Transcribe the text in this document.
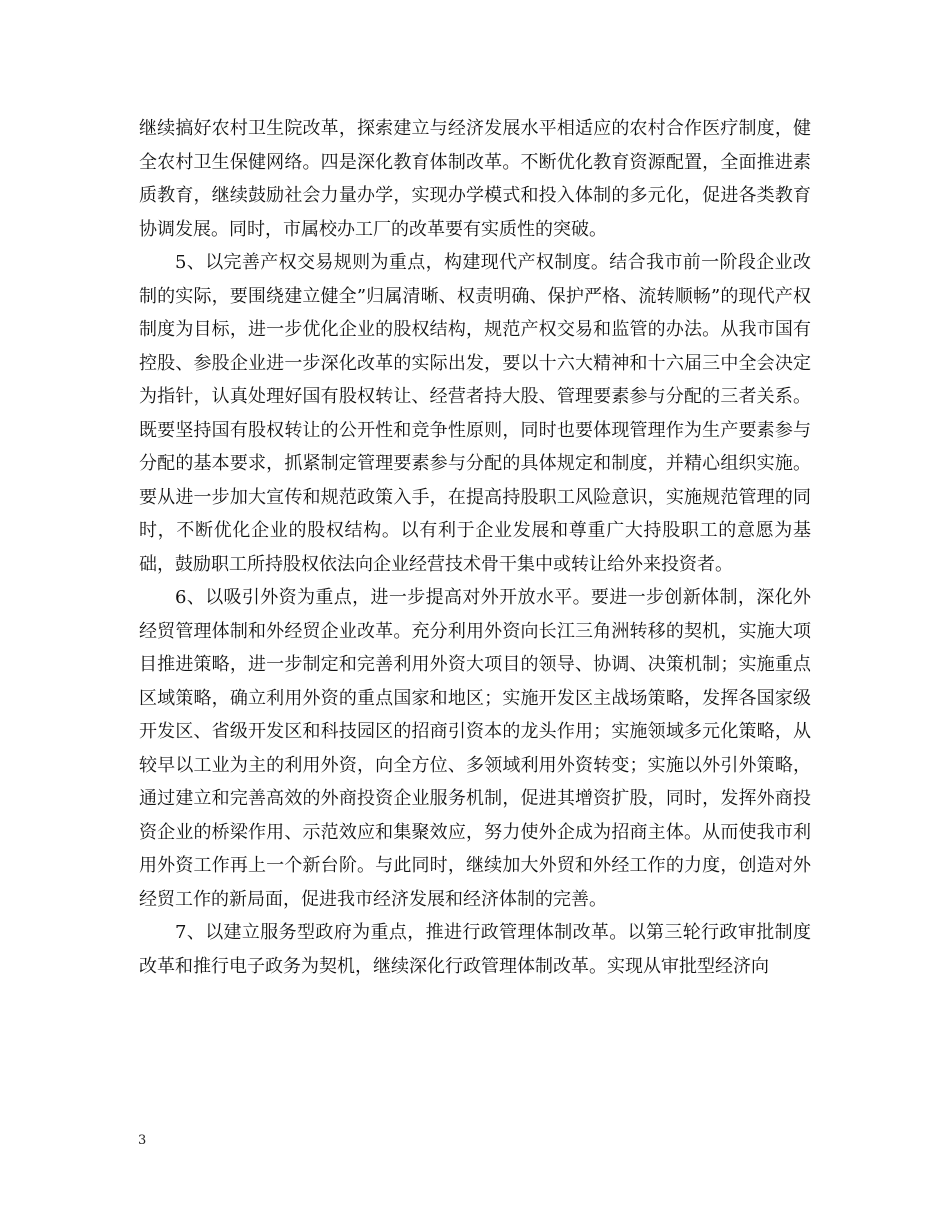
继续搞好农村卫生院改革，探索建立与经济发展水平相适应的农村合作医疗制度，健全农村卫生保健网络。四是深化教育体制改革。不断优化教育资源配置，全面推进素质教育，继续鼓励社会力量办学，实现办学模式和投入体制的多元化，促进各类教育协调发展。同时，市属校办工厂的改革要有实质性的突破。

5、以完善产权交易规则为重点，构建现代产权制度。结合我市前一阶段企业改制的实际，要围绕建立健全”归属清晰、权责明确、保护严格、流转顺畅”的现代产权制度为目标，进一步优化企业的股权结构，规范产权交易和监管的办法。从我市国有控股、参股企业进一步深化改革的实际出发，要以十六大精神和十六届三中全会决定为指针，认真处理好国有股权转让、经营者持大股、管理要素参与分配的三者关系。既要坚持国有股权转让的公开性和竞争性原则，同时也要体现管理作为生产要素参与分配的基本要求，抓紧制定管理要素参与分配的具体规定和制度，并精心组织实施。要从进一步加大宣传和规范政策入手，在提高持股职工风险意识，实施规范管理的同时，不断优化企业的股权结构。以有利于企业发展和尊重广大持股职工的意愿为基础，鼓励职工所持股权依法向企业经营技术骨干集中或转让给外来投资者。

6、以吸引外资为重点，进一步提高对外开放水平。要进一步创新体制，深化外经贸管理体制和外经贸企业改革。充分利用外资向长江三角洲转移的契机，实施大项目推进策略，进一步制定和完善利用外资大项目的领导、协调、决策机制；实施重点区域策略，确立利用外资的重点国家和地区；实施开发区主战场策略，发挥各国家级开发区、省级开发区和科技园区的招商引资本的龙头作用；实施领域多元化策略，从较早以工业为主的利用外资，向全方位、多领域利用外资转变；实施以外引外策略，通过建立和完善高效的外商投资企业服务机制，促进其增资扩股，同时，发挥外商投资企业的桥梁作用、示范效应和集聚效应，努力使外企成为招商主体。从而使我市利用外资工作再上一个新台阶。与此同时，继续加大外贸和外经工作的力度，创造对外经贸工作的新局面，促进我市经济发展和经济体制的完善。

7、以建立服务型政府为重点，推进行政管理体制改革。以第三轮行政审批制度改革和推行电子政务为契机，继续深化行政管理体制改革。实现从审批型经济向

3
